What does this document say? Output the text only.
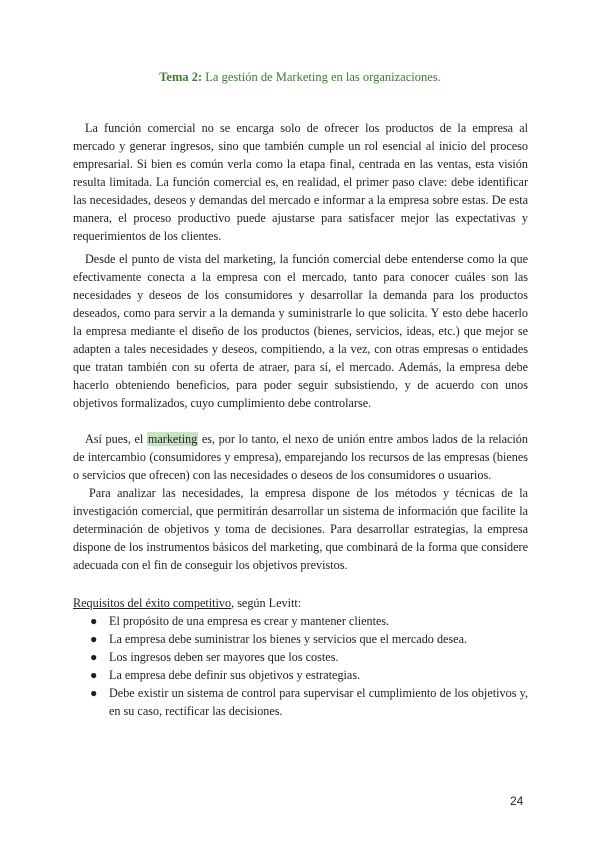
Tema 2: La gestión de Marketing en las organizaciones.

La función comercial no se encarga solo de ofrecer los productos de la empresa al mercado y generar ingresos, sino que también cumple un rol esencial al inicio del proceso empresarial. Si bien es común verla como la etapa final, centrada en las ventas, esta visión resulta limitada. La función comercial es, en realidad, el primer paso clave: debe identificar las necesidades, deseos y demandas del mercado e informar a la empresa sobre estas. De esta manera, el proceso productivo puede ajustarse para satisfacer mejor las expectativas y requerimientos de los clientes.

Desde el punto de vista del marketing, la función comercial debe entenderse como la que efectivamente conecta a la empresa con el mercado, tanto para conocer cuáles son las necesidades y deseos de los consumidores y desarrollar la demanda para los productos deseados, como para servir a la demanda y suministrarle lo que solicita. Y esto debe hacerlo la empresa mediante el diseño de los productos (bienes, servicios, ideas, etc.) que mejor se adapten a tales necesidades y deseos, compitiendo, a la vez, con otras empresas o entidades que tratan también con su oferta de atraer, para sí, el mercado. Además, la empresa debe hacerlo obteniendo beneficios, para poder seguir subsistiendo, y de acuerdo con unos objetivos formalizados, cuyo cumplimiento debe controlarse.

Así pues, el marketing es, por lo tanto, el nexo de unión entre ambos lados de la relación de intercambio (consumidores y empresa), emparejando los recursos de las empresas (bienes o servicios que ofrecen) con las necesidades o deseos de los consumidores o usuarios.

Para analizar las necesidades, la empresa dispone de los métodos y técnicas de la investigación comercial, que permitirán desarrollar un sistema de información que facilite la determinación de objetivos y toma de decisiones. Para desarrollar estrategias, la empresa dispone de los instrumentos básicos del marketing, que combinará de la forma que considere adecuada con el fin de conseguir los objetivos previstos.

Requisitos del éxito competitivo, según Levitt:
● El propósito de una empresa es crear y mantener clientes.
● La empresa debe suministrar los bienes y servicios que el mercado desea.
● Los ingresos deben ser mayores que los costes.
● La empresa debe definir sus objetivos y estrategias.
● Debe existir un sistema de control para supervisar el cumplimiento de los objetivos y, en su caso, rectificar las decisiones.
24
